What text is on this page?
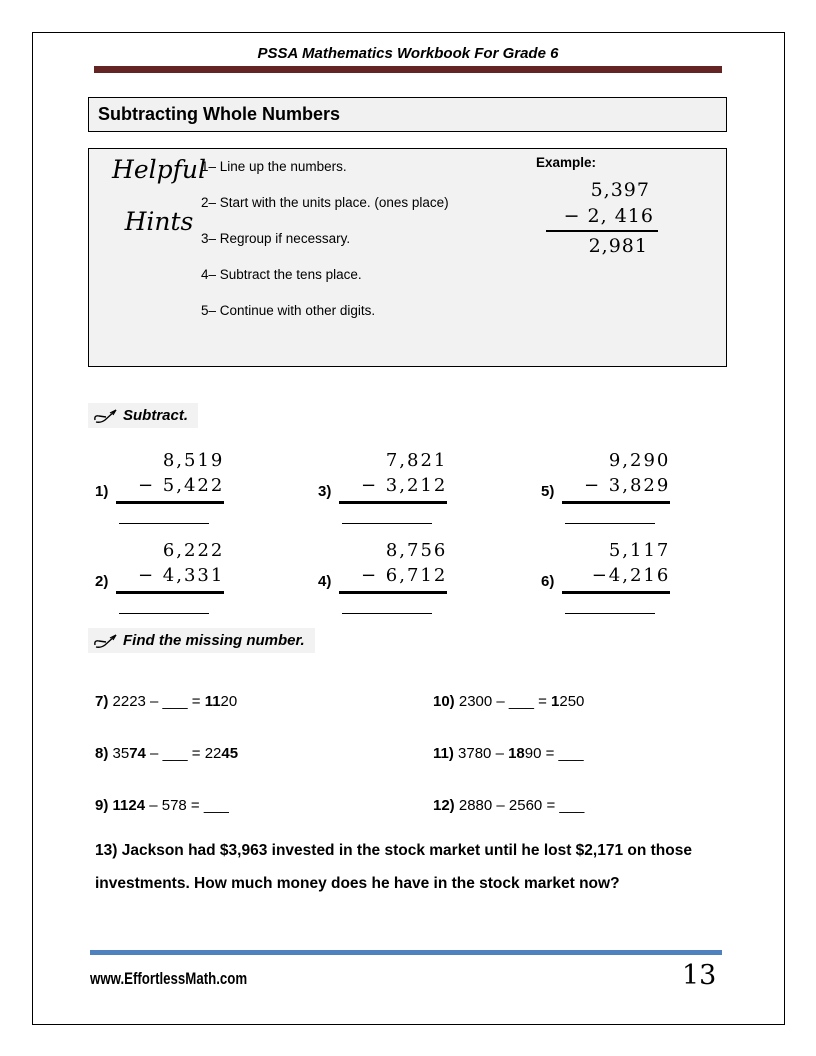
PSSA Mathematics Workbook For Grade 6
Subtracting Whole Numbers
Helpful
Hints
1– Line up the numbers.
2– Start with the units place. (ones place)
3– Regroup if necessary.
4– Subtract the tens place.
5– Continue with other digits.
Example:
5,397
− 2, 416
2,981
Subtract.
1)
8,519
− 5,422
2)
6,222
− 4,331
3)
7,821
− 3,212
4)
8,756
− 6,712
5)
9,290
− 3,829
6)
5,117
−4,216
Find the missing number.
7) 2223 – ___ = 1120
8) 3574 – ___ = 2245
9) 1124 – 578 = ___
10) 2300 – ___ = 1250
11) 3780 – 1890 = ___
12) 2880 – 2560 = ___
13) Jackson had $3,963 invested in the stock market until he lost $2,171 on those investments. How much money does he have in the stock market now?
www.EffortlessMath.com	13
